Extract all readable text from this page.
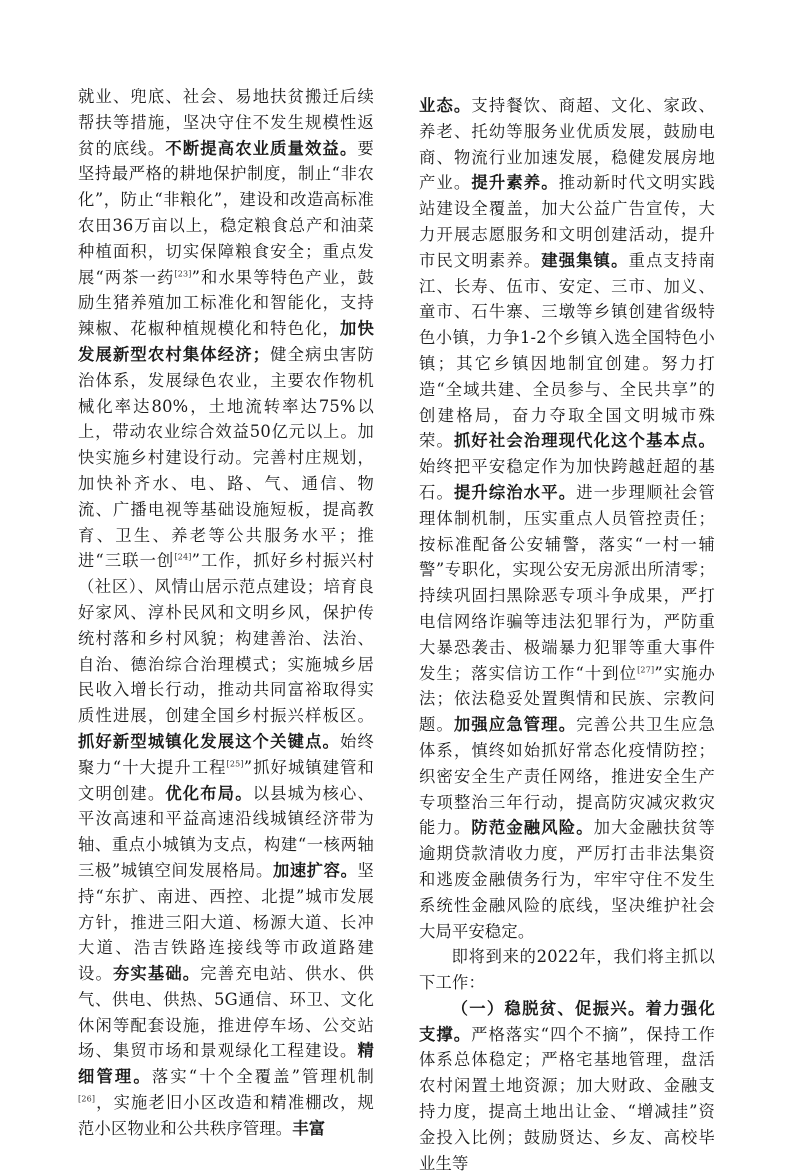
就业、兜底、社会、易地扶贫搬迁后续帮扶等措施，坚决守住不发生规模性返贫的底线。不断提高农业质量效益。要坚持最严格的耕地保护制度，制止“非农化”，防止“非粮化”，建设和改造高标准农田36万亩以上，稳定粮食总产和油菜种植面积，切实保障粮食安全；重点发展“两茶一药[23]”和水果等特色产业，鼓励生猪养殖加工标准化和智能化，支持辣椒、花椒种植规模化和特色化，加快发展新型农村集体经济；健全病虫害防治体系，发展绿色农业，主要农作物机械化率达80%，土地流转率达75%以上，带动农业综合效益50亿元以上。加快实施乡村建设行动。完善村庄规划，加快补齐水、电、路、气、通信、物流、广播电视等基础设施短板，提高教育、卫生、养老等公共服务水平；推进“三联一创[24]”工作，抓好乡村振兴村（社区）、风情山居示范点建设；培育良好家风、淳朴民风和文明乡风，保护传统村落和乡村风貌；构建善治、法治、自治、德治综合治理模式；实施城乡居民收入增长行动，推动共同富裕取得实质性进展，创建全国乡村振兴样板区。抓好新型城镇化发展这个关键点。始终聚力“十大提升工程[25]”抓好城镇建管和文明创建。优化布局。以县城为核心、平汝高速和平益高速沿线城镇经济带为轴、重点小城镇为支点，构建“一核两轴三极”城镇空间发展格局。加速扩容。坚持“东扩、南进、西控、北提”城市发展方针，推进三阳大道、杨源大道、长冲大道、浩吉铁路连接线等市政道路建设。夯实基础。完善充电站、供水、供气、供电、供热、5G通信、环卫、文化休闲等配套设施，推进停车场、公交站场、集贸市场和景观绿化工程建设。精细管理。落实“十个全覆盖”管理机制[26]，实施老旧小区改造和精准棚改，规范小区物业和公共秩序管理。丰富

业态。支持餐饮、商超、文化、家政、养老、托幼等服务业优质发展，鼓励电商、物流行业加速发展，稳健发展房地产业。提升素养。推动新时代文明实践站建设全覆盖，加大公益广告宣传，大力开展志愿服务和文明创建活动，提升市民文明素养。建强集镇。重点支持南江、长寿、伍市、安定、三市、加义、童市、石牛寨、三墩等乡镇创建省级特色小镇，力争1-2个乡镇入选全国特色小镇；其它乡镇因地制宜创建。努力打造“全域共建、全员参与、全民共享”的创建格局，奋力夺取全国文明城市殊荣。抓好社会治理现代化这个基本点。始终把平安稳定作为加快跨越赶超的基石。提升综治水平。进一步理顺社会管理体制机制，压实重点人员管控责任；按标准配备公安辅警，落实“一村一辅警”专职化，实现公安无房派出所清零；持续巩固扫黑除恶专项斗争成果，严打电信网络诈骗等违法犯罪行为，严防重大暴恐袭击、极端暴力犯罪等重大事件发生；落实信访工作“十到位[27]”实施办法；依法稳妥处置舆情和民族、宗教问题。加强应急管理。完善公共卫生应急体系，慎终如始抓好常态化疫情防控；织密安全生产责任网络，推进安全生产专项整治三年行动，提高防灾减灾救灾能力。防范金融风险。加大金融扶贫等逾期贷款清收力度，严厉打击非法集资和逃废金融债务行为，牢牢守住不发生系统性金融风险的底线，坚决维护社会大局平安稳定。

即将到来的2022年，我们将主抓以下工作：

（一）稳脱贫、促振兴。着力强化支撑。严格落实“四个不摘”，保持工作体系总体稳定；严格宅基地管理，盘活农村闲置土地资源；加大财政、金融支持力度，提高土地出让金、“增减挂”资金投入比例；鼓励贤达、乡友、高校毕业生等
